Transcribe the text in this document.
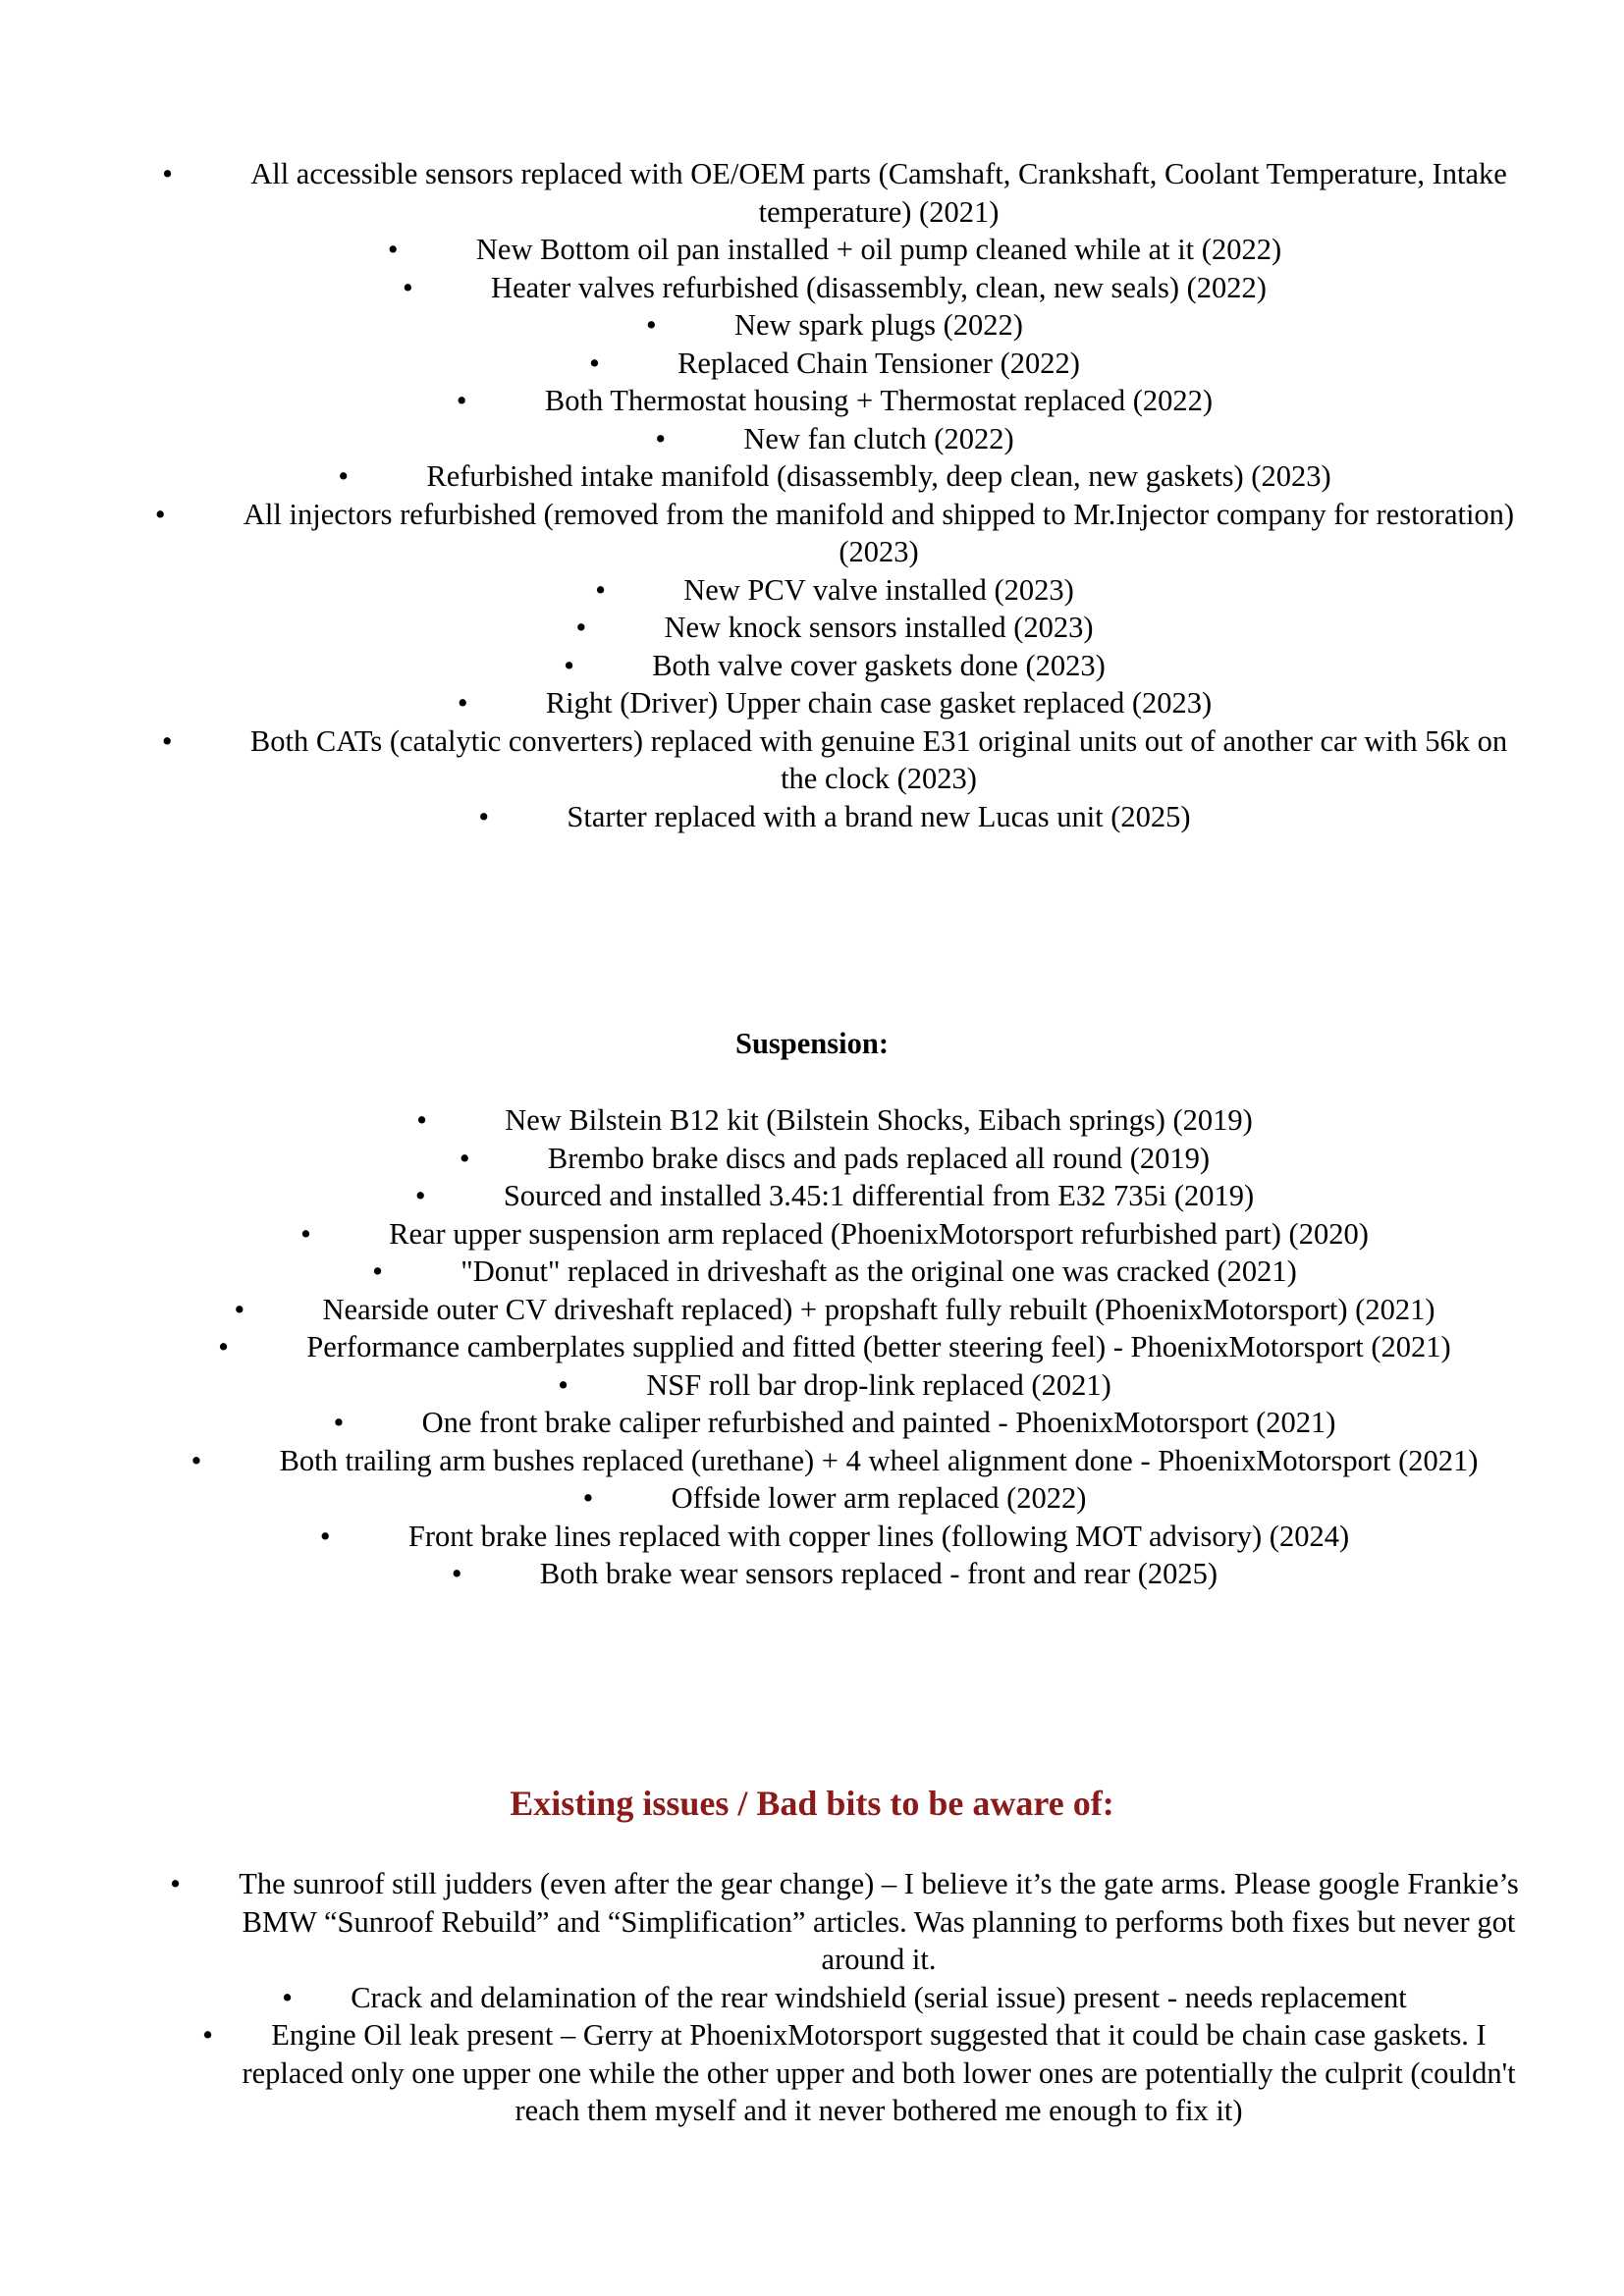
•	All accessible sensors replaced with OE/OEM parts (Camshaft, Crankshaft, Coolant Temperature, Intake temperature) (2021)
•	New Bottom oil pan installed + oil pump cleaned while at it (2022)
•	Heater valves refurbished (disassembly, clean, new seals) (2022)
•	New spark plugs (2022)
•	Replaced Chain Tensioner (2022)
•	Both Thermostat housing + Thermostat replaced (2022)
•	New fan clutch (2022)
•	Refurbished intake manifold (disassembly, deep clean, new gaskets) (2023)
•	All injectors refurbished (removed from the manifold and shipped to Mr.Injector company for restoration) (2023)
•	New PCV valve installed (2023)
•	New knock sensors installed (2023)
•	Both valve cover gaskets done (2023)
•	Right (Driver) Upper chain case gasket replaced (2023)
•	Both CATs (catalytic converters) replaced with genuine E31 original units out of another car with 56k on the clock (2023)
•	Starter replaced with a brand new Lucas unit (2025)
Suspension:
•	New Bilstein B12 kit (Bilstein Shocks, Eibach springs) (2019)
•	Brembo brake discs and pads replaced all round (2019)
•	Sourced and installed 3.45:1 differential from E32 735i (2019)
•	Rear upper suspension arm replaced (PhoenixMotorsport refurbished part) (2020)
•	"Donut" replaced in driveshaft as the original one was cracked (2021)
•	Nearside outer CV driveshaft replaced) + propshaft fully rebuilt (PhoenixMotorsport) (2021)
•	Performance camberplates supplied and fitted (better steering feel) - PhoenixMotorsport (2021)
•	NSF roll bar drop-link replaced (2021)
•	One front brake caliper refurbished and painted - PhoenixMotorsport (2021)
•	Both trailing arm bushes replaced (urethane) + 4 wheel alignment done - PhoenixMotorsport (2021)
•	Offside lower arm replaced (2022)
•	Front brake lines replaced with copper lines (following MOT advisory) (2024)
•	Both brake wear sensors replaced - front and rear (2025)
Existing issues / Bad bits to be aware of:
• The sunroof still judders (even after the gear change) – I believe it’s the gate arms. Please google Frankie’s BMW “Sunroof Rebuild” and “Simplification” articles. Was planning to performs both fixes but never got around it.
• Crack and delamination of the rear windshield (serial issue) present - needs replacement
• Engine Oil leak present – Gerry at PhoenixMotorsport suggested that it could be chain case gaskets. I replaced only one upper one while the other upper and both lower ones are potentially the culprit (couldn't reach them myself and it never bothered me enough to fix it)
